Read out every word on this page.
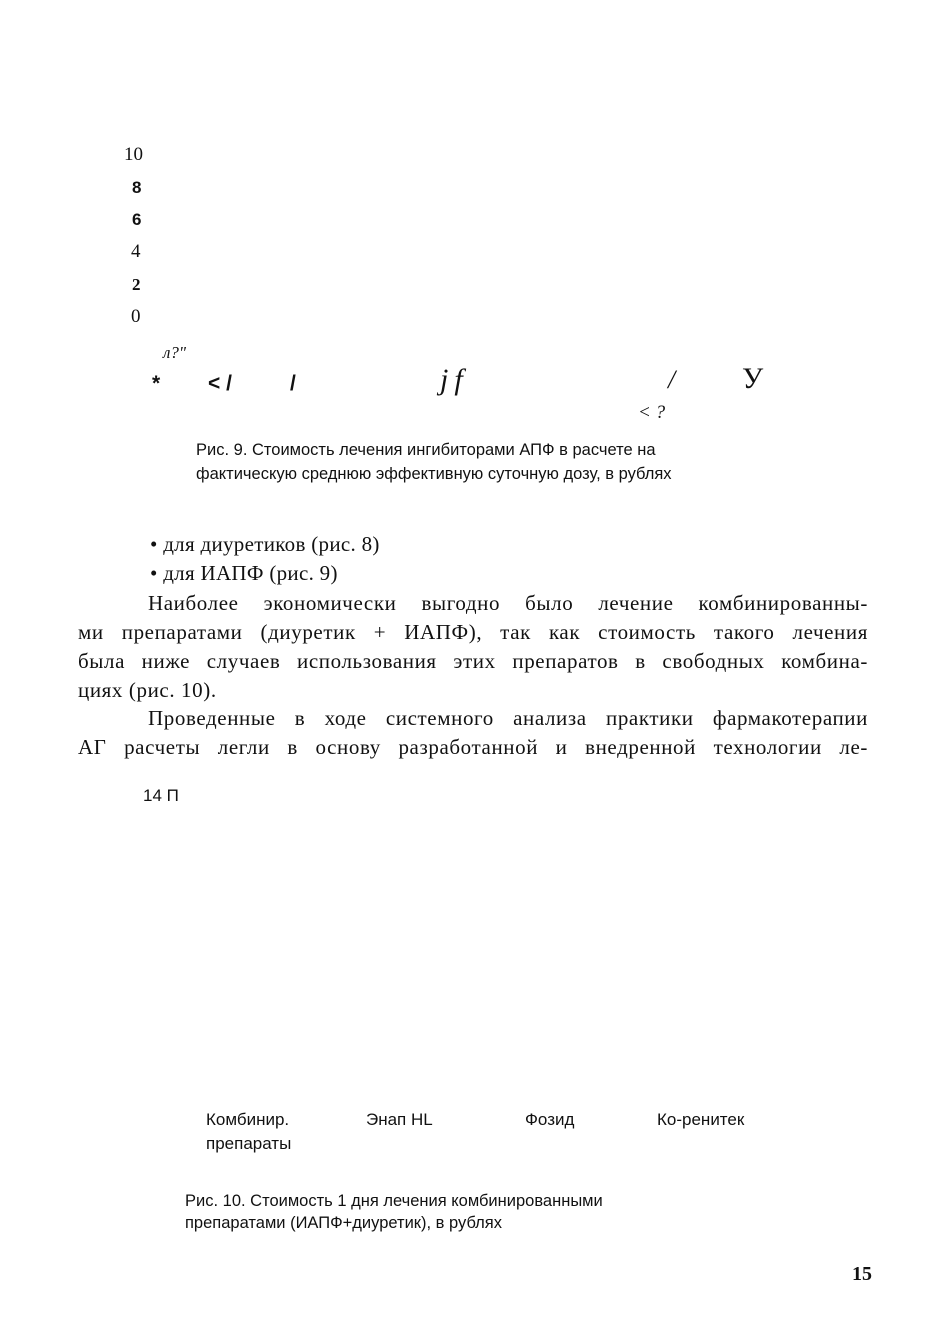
10
8
6
4
2
0
л?"
* < /	/	jf	/ У
< ?
Рис. 9. Стоимость лечения ингибиторами АПФ в расчете на
фактическую среднюю эффективную суточную дозу, в рублях
• для диуретиков (рис. 8)
• для ИАПФ (рис. 9)

Наиболее экономически выгодно было лечение комбинированны-

ми препаратами (диуретик + ИАПФ), так как стоимость такого лечения

была ниже случаев использования этих препаратов в свободных комбина-

циях (рис. 10).

Проведенные в ходе системного анализа практики фармакотерапии

АГ расчеты легли в основу разработанной и внедренной технологии ле-

14 П
Комбинир.
препараты
Энап HL	Фозид	Ко-ренитек
Рис. 10. Стоимость 1 дня лечения комбинированными
препаратами (ИАПФ+диуретик), в рублях
15
